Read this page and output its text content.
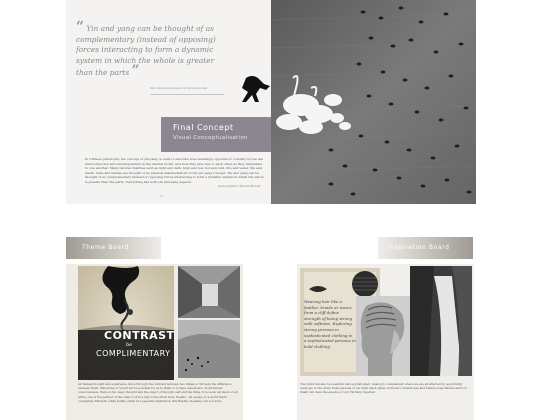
“ Yin and yang can be thought of as complementary (instead of opposing) forces interacting to form a dynamic system in which the whole is greater than the parts ”
http://www.quoteswave.com/picture-quotes/
Final Concept
Visual Conceptualisation
In Chinese philosophy the concept of yin-yang, is used to describe how seemingly opposite or contrary forces are interconnected and interdependent in the natural world, and how they give rise to each other as they interrelate to one another. Many natural dualities such as light and dark, high and low, hot and cold, fire and water, life and death, male and female are thought of as physical manifestations of the yin-yang concept. Yin and yang can be thought of as complementary instead of opposing forces interacting to form a dynamic system in which the whole is greater than the parts. Everything has both yin and yang aspects.
photographer: Marcin Ryczek
16
Theme Board
CONTRAST
be
COMPLIMENTARY
All human thought and experience move through the contrast between two things or through the difference between them. Otherwise, it would not be possible for us to think or to have experience. In all human consciousness, there is two ways thought and the object of thought, self and the thing. It is never all black or all white, one is the partner of the other to find a way to live their lives. Reality - an escape to a world that's completely different, while reality exists in a peaceful meditation, this Reality, meaning, but not sure.
Inspiration Board
Weaving hair like a feather, braids or waves from a cliff define strength of being strong with softness. Exploring strong persona in sophisticated clothing in a sophisticated persona in bold clothing
The braid can also be beautiful and sophisticated. Analog to complement where we are all affected by opportunity everyone to the white fresh persona of our dark black styles, included cornerstones and human expectations and it is finally mix here the essence of our Yin-Yang together.
